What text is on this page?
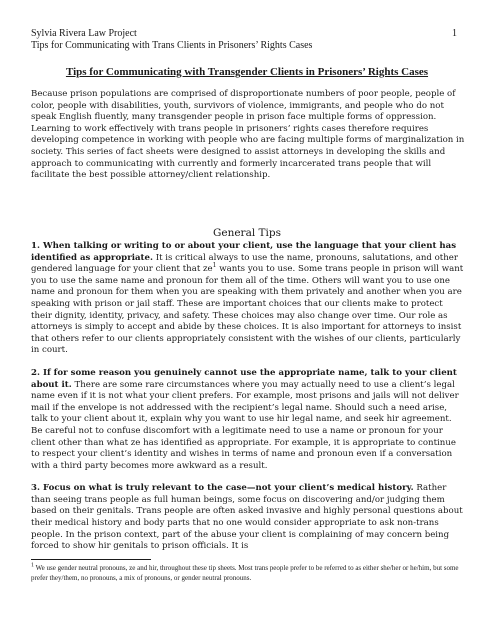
Sylvia Rivera Law Project
Tips for Communicating with Trans Clients in Prisoners’ Rights Cases
1
Tips for Communicating with Transgender Clients in Prisoners’ Rights Cases
Because prison populations are comprised of disproportionate numbers of poor people, people of color, people with disabilities, youth, survivors of violence, immigrants, and people who do not speak English fluently, many transgender people in prison face multiple forms of oppression. Learning to work effectively with trans people in prisoners’ rights cases therefore requires developing competence in working with people who are facing multiple forms of marginalization in society. This series of fact sheets were designed to assist attorneys in developing the skills and approach to communicating with currently and formerly incarcerated trans people that will facilitate the best possible attorney/client relationship.
General Tips

1. When talking or writing to or about your client, use the language that your client has identified as appropriate. It is critical always to use the name, pronouns, salutations, and other gendered language for your client that $ze^1$ wants you to use. Some trans people in prison will want you to use the same name and pronoun for them all of the time. Others will want you to use one name and pronoun for them when you are speaking with them privately and another when you are speaking with prison or jail staff. These are important choices that our clients make to protect their dignity, identity, privacy, and safety. These choices may also change over time. Our role as attorneys is simply to accept and abide by these choices. It is also important for attorneys to insist that others refer to our clients appropriately consistent with the wishes of our clients, particularly in court.

2. If for some reason you genuinely cannot use the appropriate name, talk to your client about it. There are some rare circumstances where you may actually need to use a client’s legal name even if it is not what your client prefers. For example, most prisons and jails will not deliver mail if the envelope is not addressed with the recipient’s legal name. Should such a need arise, talk to your client about it, explain why you want to use hir legal name, and seek hir agreement. Be careful not to confuse discomfort with a legitimate need to use a name or pronoun for your client other than what ze has identified as appropriate. For example, it is appropriate to continue to respect your client’s identity and wishes in terms of name and pronoun even if a conversation with a third party becomes more awkward as a result.

3. Focus on what is truly relevant to the case—not your client’s medical history. Rather than seeing trans people as full human beings, some focus on discovering and/or judging them based on their genitals. Trans people are often asked invasive and highly personal questions about their medical history and body parts that no one would consider appropriate to ask non-trans people. In the prison context, part of the abuse your client is complaining of may concern being forced to show hir genitals to prison officials. It is

$^1$ We use gender neutral pronouns, ze and hir, throughout these tip sheets. Most trans people prefer to be referred to as either she/her or he/him, but some prefer they/them, no pronouns, a mix of pronouns, or gender neutral pronouns.
